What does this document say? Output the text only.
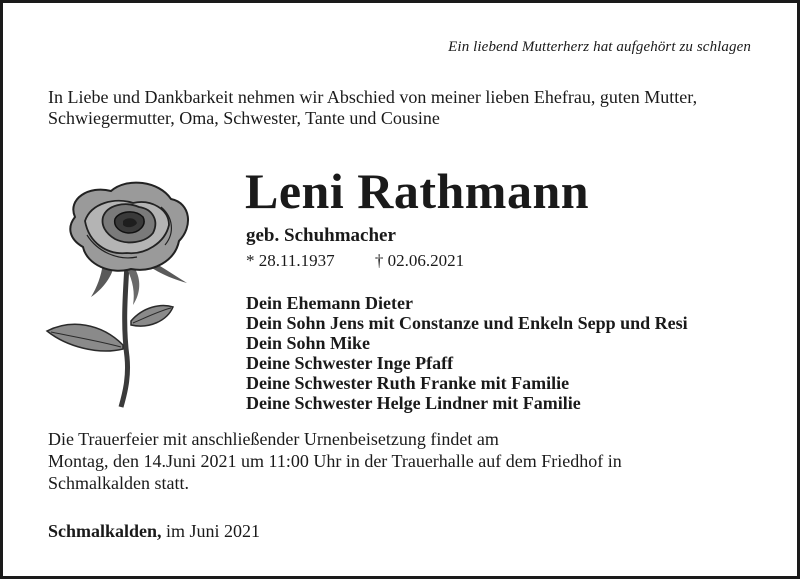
Ein liebend Mutterherz hat aufgehört zu schlagen
In Liebe und Dankbarkeit nehmen wir Abschied von meiner lieben Ehefrau, guten Mutter,
Schwiegermutter, Oma, Schwester, Tante und Cousine
Leni Rathmann
geb. Schuhmacher
* 28.11.1937 † 02.06.2021
Dein Ehemann Dieter
Dein Sohn Jens mit Constanze und Enkeln Sepp und Resi
Dein Sohn Mike
Deine Schwester Inge Pfaff
Deine Schwester Ruth Franke mit Familie
Deine Schwester Helge Lindner mit Familie
Die Trauerfeier mit anschließender Urnenbeisetzung findet am
Montag, den 14.Juni 2021 um 11:00 Uhr in der Trauerhalle auf dem Friedhof in
Schmalkalden statt.
Schmalkalden, im Juni 2021
